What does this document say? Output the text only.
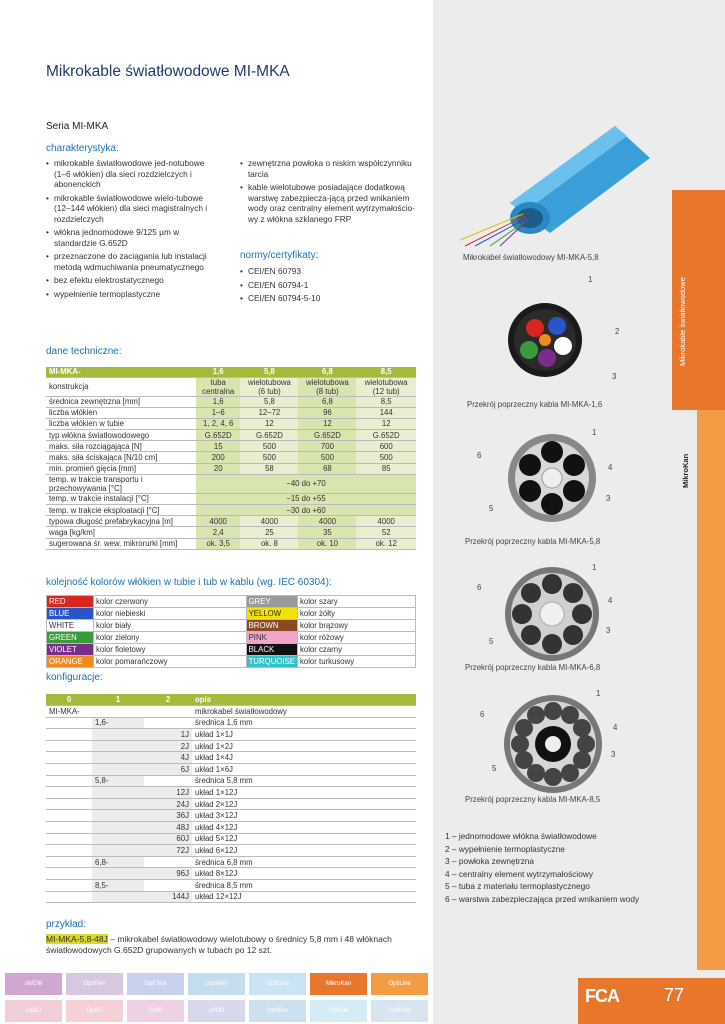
Mikrokable światłowodowe
MikroKan
Mikrokable światłowodowe MI-MKA
Seria MI-MKA
charakterystyka:
• mikrokable światłowodowe jed-notubowe (1–6 włókien) dla sieci rozdzielczych i abonenckich
• mikrokable światłowodowe wielo-tubowe (12–144 włókien) dla sieci magistralnych i rozdzielczych
• włókna jednomodowe 9/125 µm w standardzie G.652D
• przeznaczone do zaciągania lub instalacji metodą wdmuchiwania pneumatycznego
• bez efektu elektrostatycznego
• wypełnienie termoplastyczne
• zewnętrzna powłoka o niskim współczynniku tarcia
• kable wielotubowe posiadające dodatkową warstwę zabezpiecza-jącą przed wnikaniem wody oraz centralny element wytrzymałościo-wy z włókna szklanego FRP
normy/certyfikaty:
• CEI/EN 60793
• CEI/EN 60794-1
• CEI/EN 60794-5-10
dane techniczne:
MI-MKA-	1,6	5,8	6,8	8,5
konstrukcja	tuba centralna	wielotubowa (6 tub)	wielotubowa (8 tub)	wielotubowa (12 tub)
średnica zewnętrzna [mm]	1,6	5,8	6,8	8,5
liczba włókien	1–6	12–72	96	144
liczba włókien w tubie	1, 2, 4, 6	12	12	12
typ włókna światłowodowego	G.652D	G.652D	G.652D	G.652D
maks. siła rozciągająca [N]	15	500	700	600
maks. siła ściskająca [N/10 cm]	200	500	500	500
min. promień gięcia [mm]	20	58	68	85
temp. w trakcie transportu i przechowywania [°C]	−40 do +70			
temp. w trakcie instalacji [°C]	−15 do +55			
temp. w trakcie eksploatacji [°C]	−30 do +60			
typowa długość prefabrykacyjna [m]	4000	4000	4000	4000
waga [kg/km]	2,4	25	35	52
sugerowana śr. wew. mikrorurki [mm]	ok. 3,5	ok. 8	ok. 10	ok. 12
kolejność kolorów włókien w tubie i tub w kablu (wg. IEC 60304):
RED	kolor czerwony	GREY	kolor szary
BLUE	kolor niebieski	YELLOW	kolor żółty
WHITE	kolor biały	BROWN	kolor brązowy
GREEN	kolor zielony	PINK	kolor różowy
VIOLET	kolor fioletowy	BLACK	kolor czarny
ORANGE	kolor pomarańczowy	TURQUOISE	kolor turkusowy
konfiguracje:
0	1	2	opis
MI-MKA-			mikrokabel światłowodowy
	1,6-		średnica 1,6 mm
		1J	układ 1×1J
		2J	układ 1×2J
		4J	układ 1×4J
		6J	układ 1×6J
	5,8-		średnica 5,8 mm
		12J	układ 1×12J
		24J	układ 2×12J
		36J	układ 3×12J
		48J	układ 4×12J
		60J	układ 5×12J
		72J	układ 6×12J
	6,8-		średnica 6,8 mm
		96J	układ 8×12J
	8,5-		średnica 8,5 mm
		144J	układ 12×12J
przykład:
MI-MKA-5,8-48J – mikrokabel światłowodowy wielotubowy o średnicy 5,8 mm i 48 włóknach światłowodowych G.652D grupowanych w tubach po 12 szt.
Mikrokabel światłowodowy MI-MKA-5,8
1
2
3
Przekrój poprzeczny kabla MI-MKA-1,6
1
4
3
6
5
Przekrój poprzeczny kabla MI-MKA-5,8
1
4
3
6
5
Przekrój poprzeczny kabla MI-MKA-6,8
1
4
3
6
5
Przekrój poprzeczny kabla MI-MKA-8,5
1 – jednomodowe włókna światłowodowe
2 – wypełnienie termoplastyczne
3 – powłoka zewnętrzna
4 – centralny element wytrzymałościowy
5 – tuba z materiału termoplastycznego
6 – warstwa zabezpieczająca przed wnikaniem wody
sWDM	OptiFlex	OptiTest	OptiMetr	OptiGrid	MikroKan	OptiLine
OptiD	OptiFi	OptiE	sPON	OptiBox	OptiDel	OptiPlan
FCA	77
